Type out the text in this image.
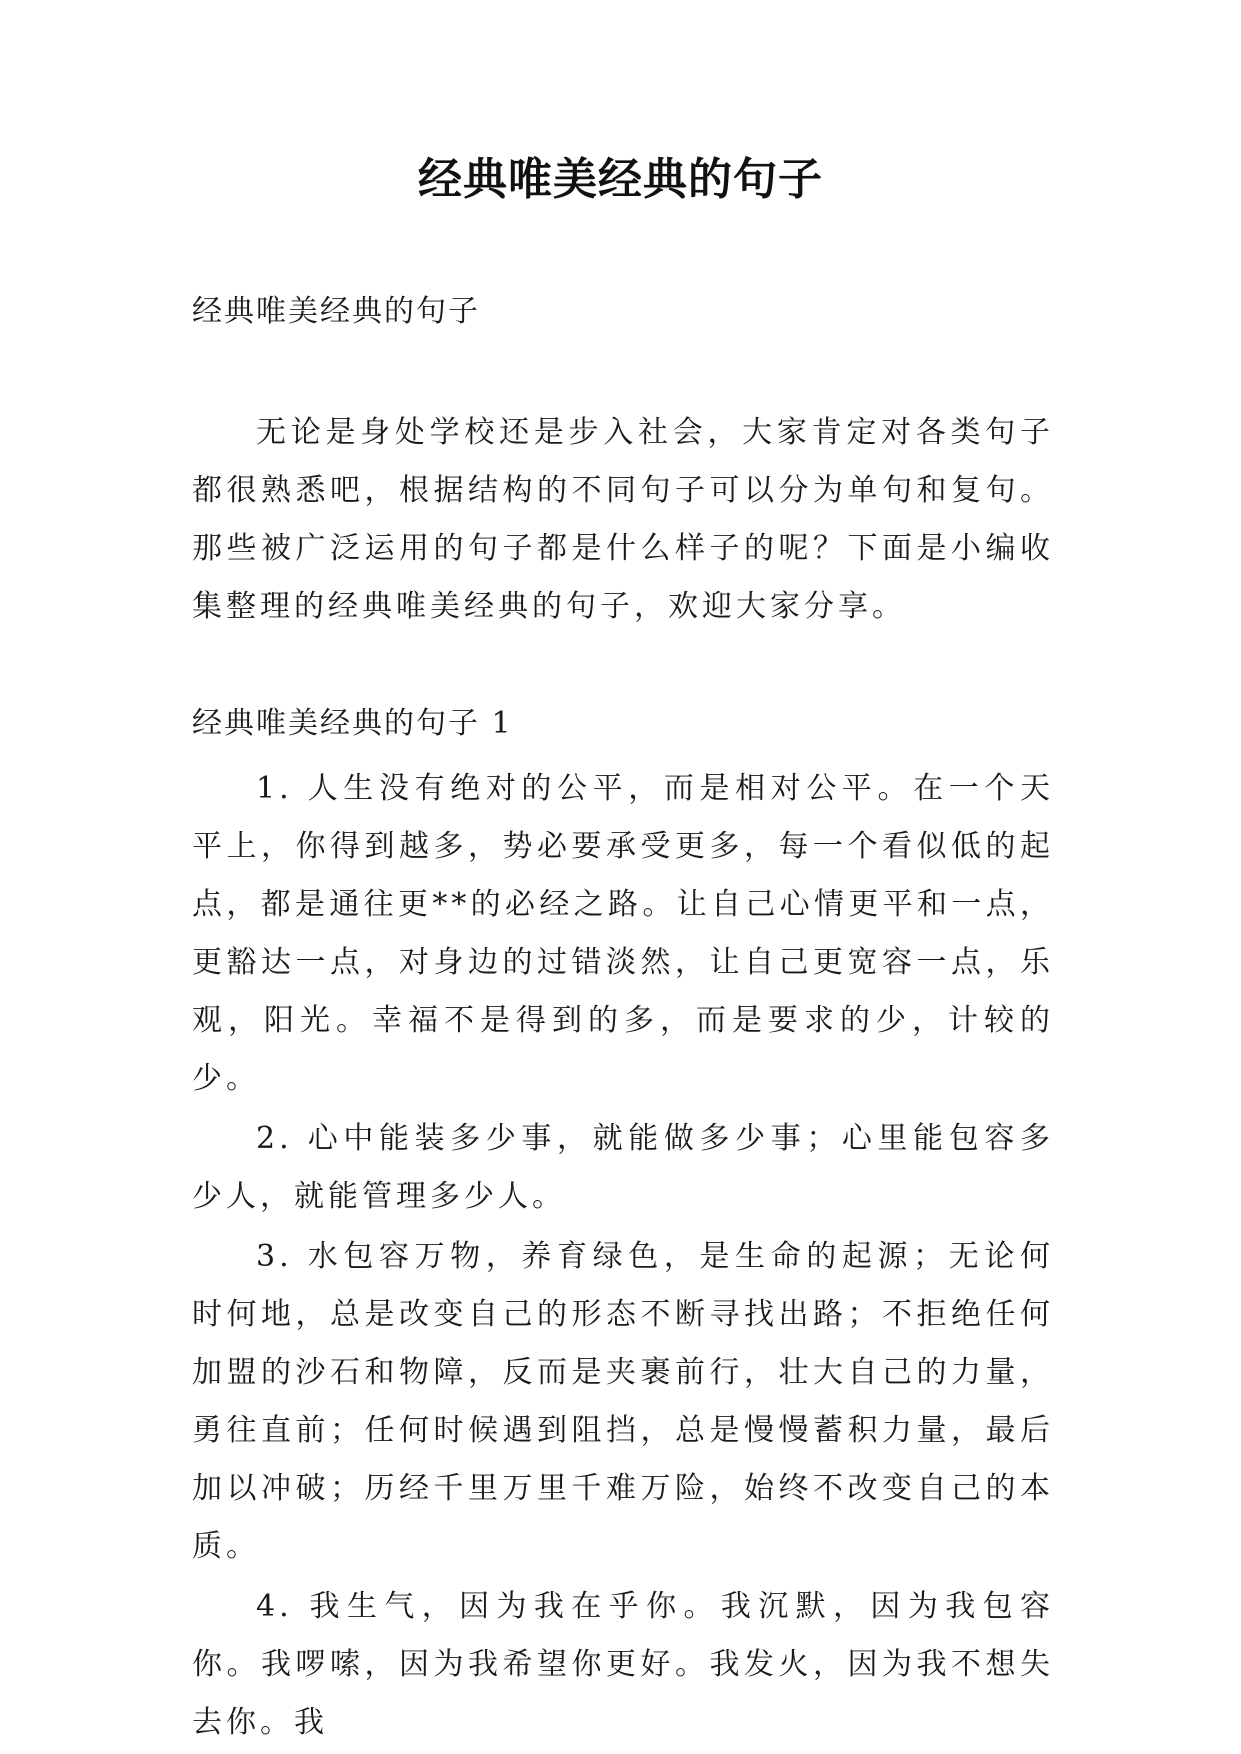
经典唯美经典的句子
经典唯美经典的句子

无论是身处学校还是步入社会，大家肯定对各类句子都很熟悉吧，根据结构的不同句子可以分为单句和复句。那些被广泛运用的句子都是什么样子的呢？下面是小编收集整理的经典唯美经典的句子，欢迎大家分享。

经典唯美经典的句子 1

1. 人生没有绝对的公平，而是相对公平。在一个天平上，你得到越多，势必要承受更多，每一个看似低的起点，都是通往更**的必经之路。让自己心情更平和一点，更豁达一点，对身边的过错淡然，让自己更宽容一点，乐观，阳光。幸福不是得到的多，而是要求的少，计较的少。

2. 心中能装多少事，就能做多少事；心里能包容多少人，就能管理多少人。

3. 水包容万物，养育绿色，是生命的起源；无论何时何地，总是改变自己的形态不断寻找出路；不拒绝任何加盟的沙石和物障，反而是夹裹前行，壮大自己的力量，勇往直前；任何时候遇到阻挡，总是慢慢蓄积力量，最后加以冲破；历经千里万里千难万险，始终不改变自己的本质。

4. 我生气，因为我在乎你。我沉默，因为我包容你。我啰嗦，因为我希望你更好。我发火，因为我不想失去你。我
